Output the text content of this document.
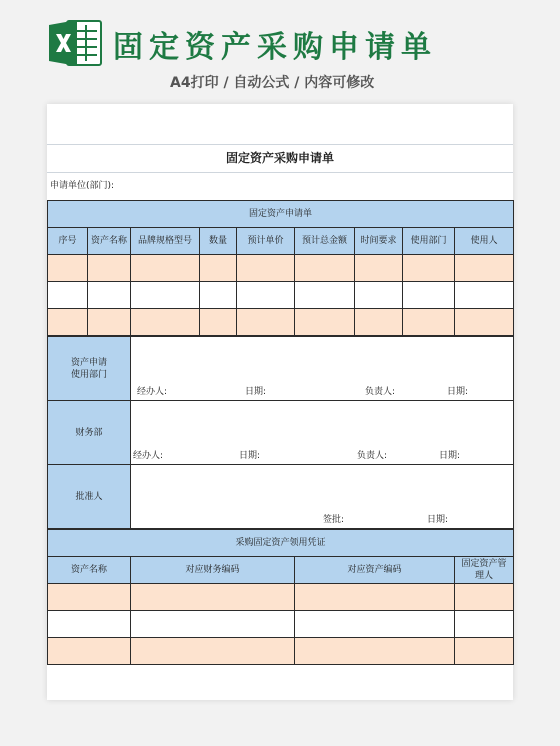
固定资产采购申请单
A4打印 / 自动公式 / 内容可修改
固定资产采购申请单
申请单位(部门):
固定资产申请单								
序号	资产名称	品牌规格型号	数量	预计单价	预计总金额	时间要求	使用部门	使用人

资产申请使用部门	经办人: 日期: 负责人: 日期:

财务部	经办人: 日期: 负责人: 日期:

批准人	签批: 日期:
采购固定资产领用凭证			
资产名称	对应财务编码	对应资产编码	固定资产管理人
